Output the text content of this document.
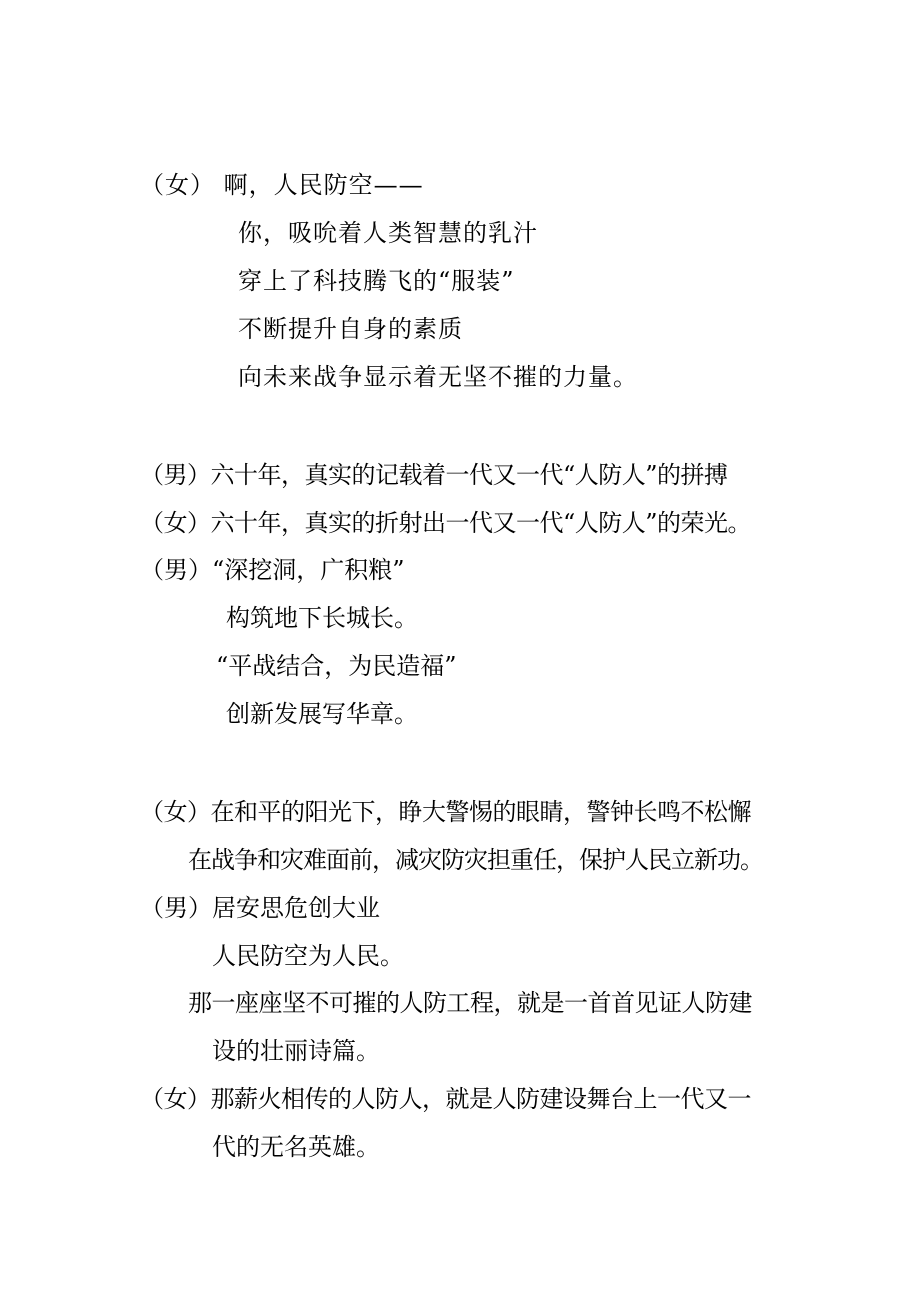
（女） 啊，人民防空——
你，吸吮着人类智慧的乳汁
穿上了科技腾飞的“服装”
不断提升自身的素质
向未来战争显示着无坚不摧的力量。
（男）六十年，真实的记载着一代又一代“人防人”的拼搏
（女）六十年，真实的折射出一代又一代“人防人”的荣光。
（男）“深挖洞，广积粮”
构筑地下长城长。
“平战结合，为民造福”
创新发展写华章。
（女）在和平的阳光下，睁大警惕的眼睛，警钟长鸣不松懈
在战争和灾难面前，减灾防灾担重任，保护人民立新功。
（男）居安思危创大业
人民防空为人民。
那一座座坚不可摧的人防工程，就是一首首见证人防建
设的壮丽诗篇。
（女）那薪火相传的人防人，就是人防建设舞台上一代又一
代的无名英雄。
